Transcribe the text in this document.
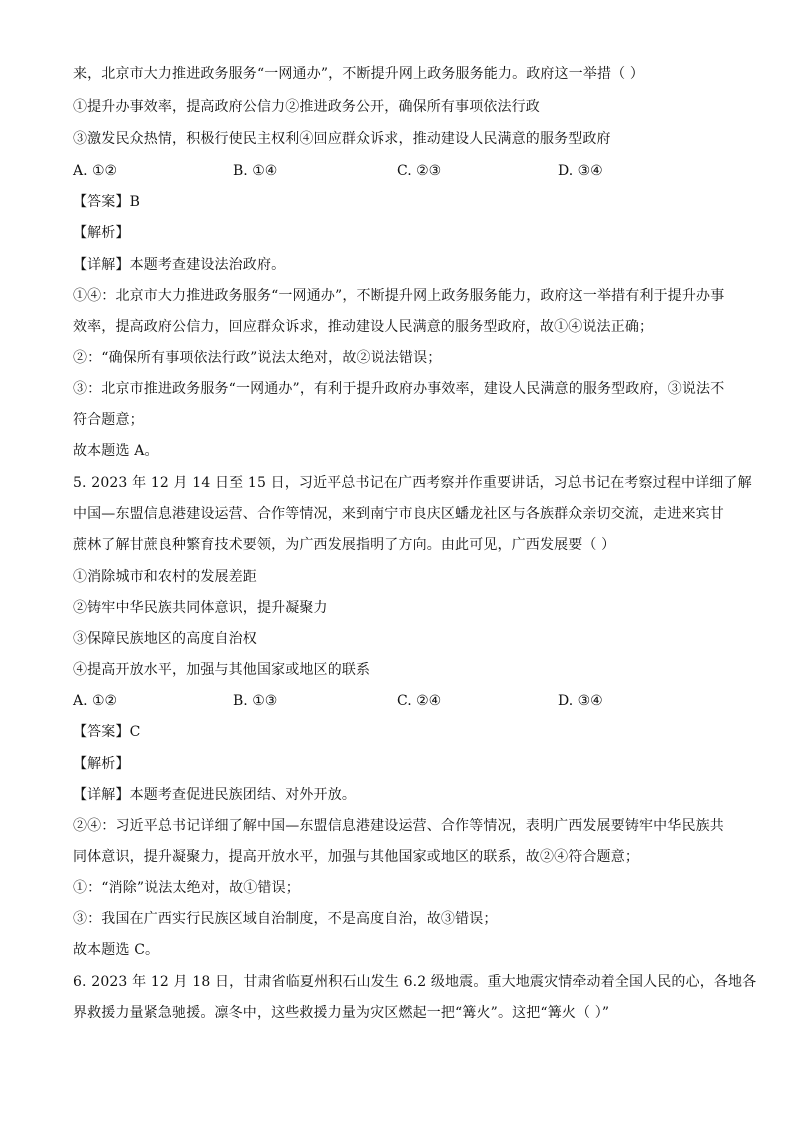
来，北京市大力推进政务服务“一网通办”，不断提升网上政务服务能力。政府这一举措（ ）
①提升办事效率，提高政府公信力②推进政务公开，确保所有事项依法行政
③激发民众热情，积极行使民主权利④回应群众诉求，推动建设人民满意的服务型政府
A. ①②	B. ①④	C. ②③	D. ③④
【答案】B
【解析】
【详解】本题考查建设法治政府。
①④：北京市大力推进政务服务“一网通办”，不断提升网上政务服务能力，政府这一举措有利于提升办事
效率，提高政府公信力，回应群众诉求，推动建设人民满意的服务型政府，故①④说法正确；
②：“确保所有事项依法行政”说法太绝对，故②说法错误；
③：北京市推进政务服务“一网通办”，有利于提升政府办事效率，建设人民满意的服务型政府，③说法不
符合题意；
故本题选 A。
5. 2023 年 12 月 14 日至 15 日，习近平总书记在广西考察并作重要讲话，习总书记在考察过程中详细了解
中国—东盟信息港建设运营、合作等情况，来到南宁市良庆区蟠龙社区与各族群众亲切交流，走进来宾甘
蔗林了解甘蔗良种繁育技术要领，为广西发展指明了方向。由此可见，广西发展要（ ）
①消除城市和农村的发展差距
②铸牢中华民族共同体意识，提升凝聚力
③保障民族地区的高度自治权
④提高开放水平，加强与其他国家或地区的联系
A. ①②	B. ①③	C. ②④	D. ③④
【答案】C
【解析】
【详解】本题考查促进民族团结、对外开放。
②④：习近平总书记详细了解中国—东盟信息港建设运营、合作等情况，表明广西发展要铸牢中华民族共
同体意识，提升凝聚力，提高开放水平，加强与其他国家或地区的联系，故②④符合题意；
①：“消除”说法太绝对，故①错误；
③：我国在广西实行民族区域自治制度，不是高度自治，故③错误；
故本题选 C。
6. 2023 年 12 月 18 日，甘肃省临夏州积石山发生 6.2 级地震。重大地震灾情牵动着全国人民的心，各地各
界救援力量紧急驰援。凛冬中，这些救援力量为灾区燃起一把“篝火”。这把“篝火（ ）”
